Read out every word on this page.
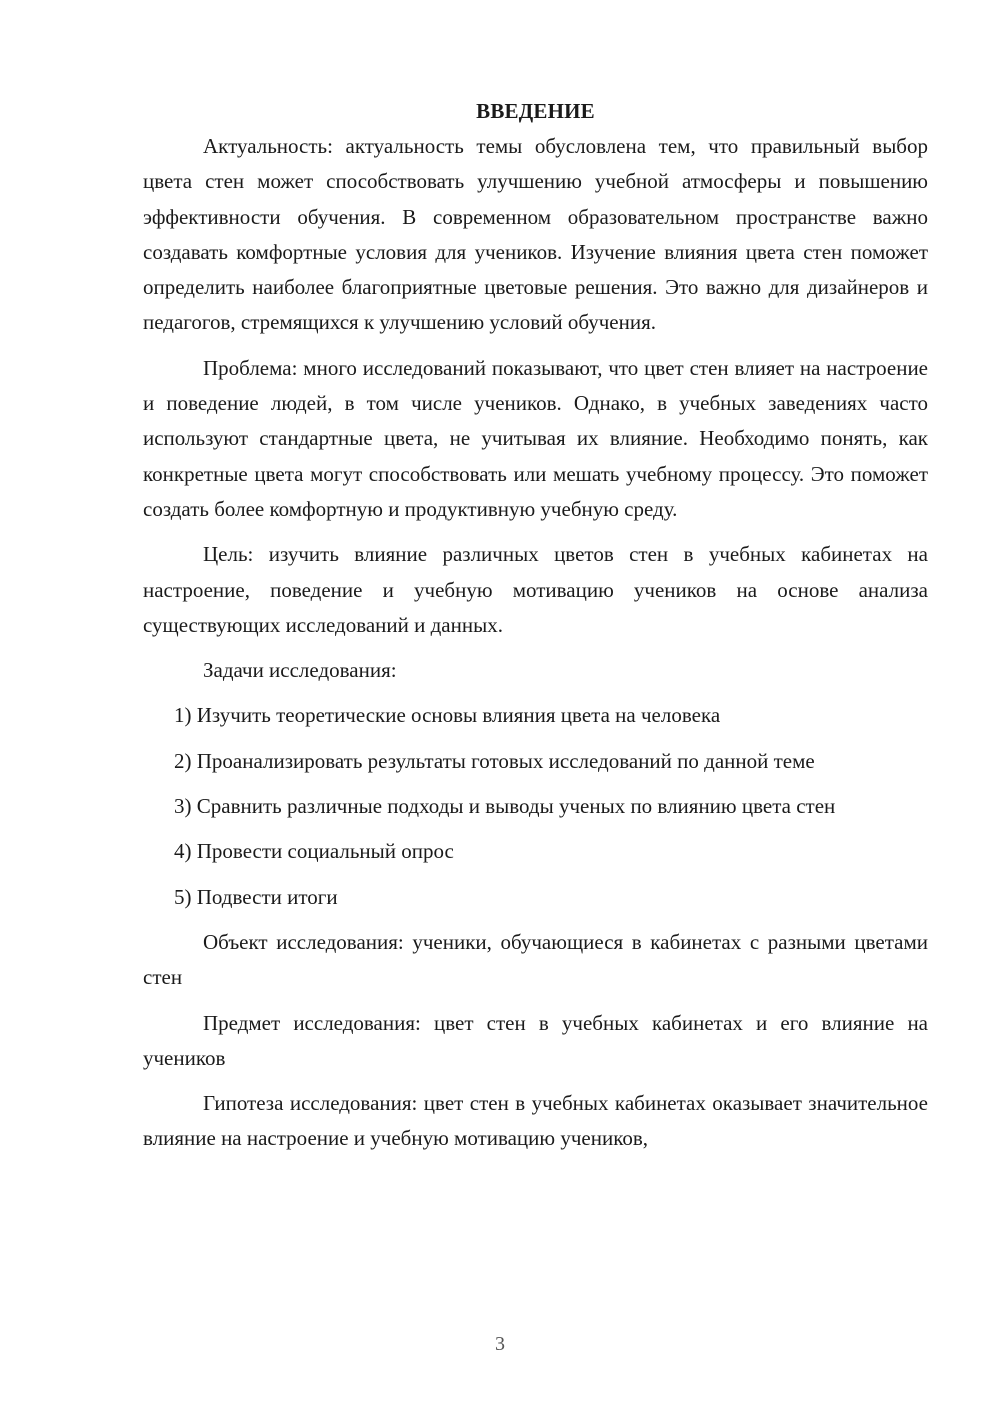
ВВЕДЕНИЕ

Актуальность: актуальность темы обусловлена тем, что правильный выбор цвета стен может способствовать улучшению учебной атмосферы и повышению эффективности обучения. В современном образовательном пространстве важно создавать комфортные условия для учеников. Изучение влияния цвета стен поможет определить наиболее благоприятные цветовые решения. Это важно для дизайнеров и педагогов, стремящихся к улучшению условий обучения.

Проблема: много исследований показывают, что цвет стен влияет на настроение и поведение людей, в том числе учеников. Однако, в учебных заведениях часто используют стандартные цвета, не учитывая их влияние. Необходимо понять, как конкретные цвета могут способствовать или мешать учебному процессу. Это поможет создать более комфортную и продуктивную учебную среду.

Цель: изучить влияние различных цветов стен в учебных кабинетах на настроение, поведение и учебную мотивацию учеников на основе анализа существующих исследований и данных.

Задачи исследования:

1) Изучить теоретические основы влияния цвета на человека

2) Проанализировать результаты готовых исследований по данной теме

3) Сравнить различные подходы и выводы ученых по влиянию цвета стен

4) Провести социальный опрос

5) Подвести итоги

Объект исследования: ученики, обучающиеся в кабинетах с разными цветами стен

Предмет исследования: цвет стен в учебных кабинетах и его влияние на учеников

Гипотеза исследования: цвет стен в учебных кабинетах оказывает значительное влияние на настроение и учебную мотивацию учеников,

3
